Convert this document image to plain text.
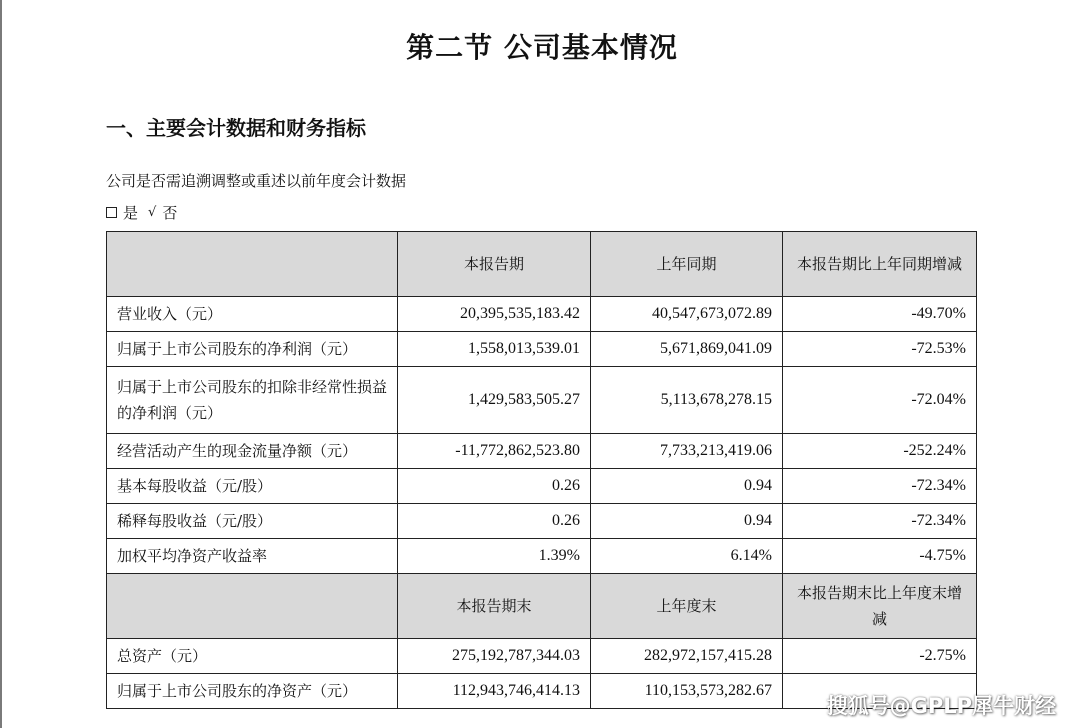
第二节 公司基本情况
一、主要会计数据和财务指标
公司是否需追溯调整或重述以前年度会计数据
是 √ 否
	本报告期	上年同期	本报告期比上年同期增减
营业收入（元）	20,395,535,183.42	40,547,673,072.89	-49.70%
归属于上市公司股东的净利润（元）	1,558,013,539.01	5,671,869,041.09	-72.53%
归属于上市公司股东的扣除非经常性损益的净利润（元）	1,429,583,505.27	5,113,678,278.15	-72.04%
经营活动产生的现金流量净额（元）	-11,772,862,523.80	7,733,213,419.06	-252.24%
基本每股收益（元/股）	0.26	0.94	-72.34%
稀释每股收益（元/股）	0.26	0.94	-72.34%
加权平均净资产收益率	1.39%	6.14%	-4.75%
	本报告期末	上年度末	本报告期末比上年度末增减
总资产（元）	275,192,787,344.03	282,972,157,415.28	-2.75%
归属于上市公司股东的净资产（元）	112,943,746,414.13	110,153,573,282.67	
搜狐号@GPLP犀牛财经
